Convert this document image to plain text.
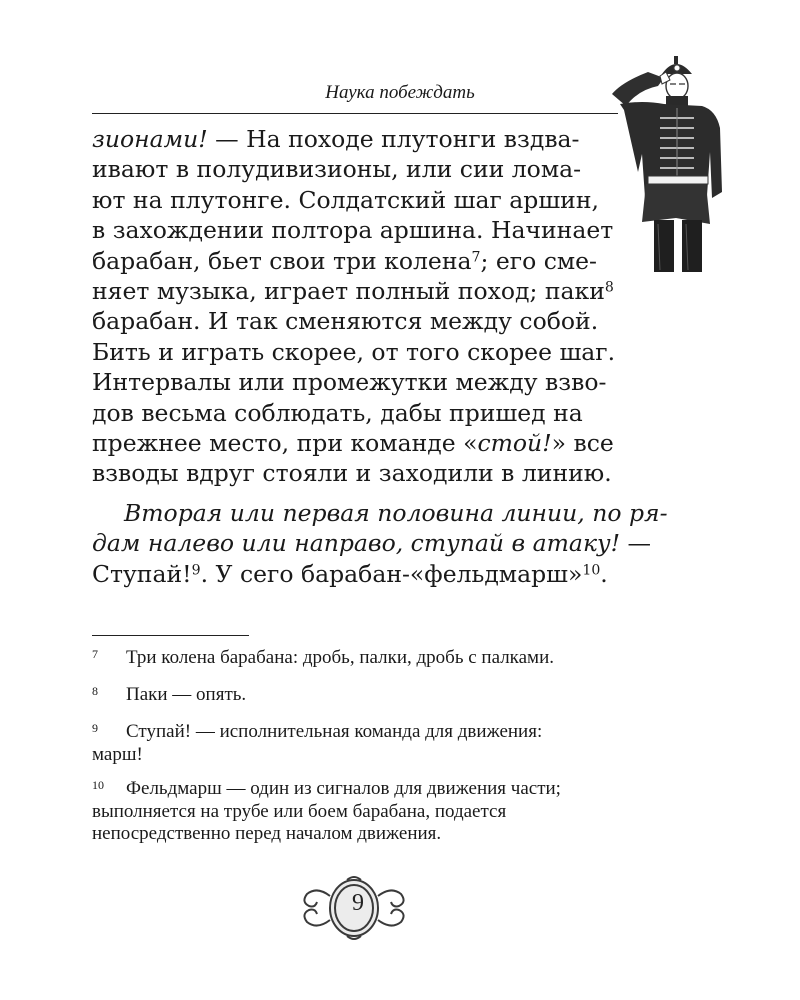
Наука побеждать

зионами! — На походе плутонги вздва-

ивают в полудивизионы, или сии лома-

ют на плутонге. Солдатский шаг аршин,

в захождении полтора аршина. Начинает

барабан, бьет свои три колена$^7$; его сме-

няет музыка, играет полный поход; паки$^8$

барабан. И так сменяются между собой.

Бить и играть скорее, от того скорее шаг.

Интервалы или промежутки между взво-

дов весьма соблюдать, дабы пришед на

прежнее место, при команде «стой!» все

взводы вдруг стояли и заходили в линию.

Вторая или первая половина линии, по ря-

дам налево или направо, ступай в атаку! —

Ступай!$^9$. У сего барабан-«фельдмарш»$^{10}$.

7 Три колена барабана: дробь, палки, дробь с палками.
8 Паки — опять.
9 Ступай! — исполнительная команда для движения:
марш!
10 Фельдмарш — один из сигналов для движения части;
выполняется на трубе или боем барабана, подается
непосредственно перед началом движения.
9
